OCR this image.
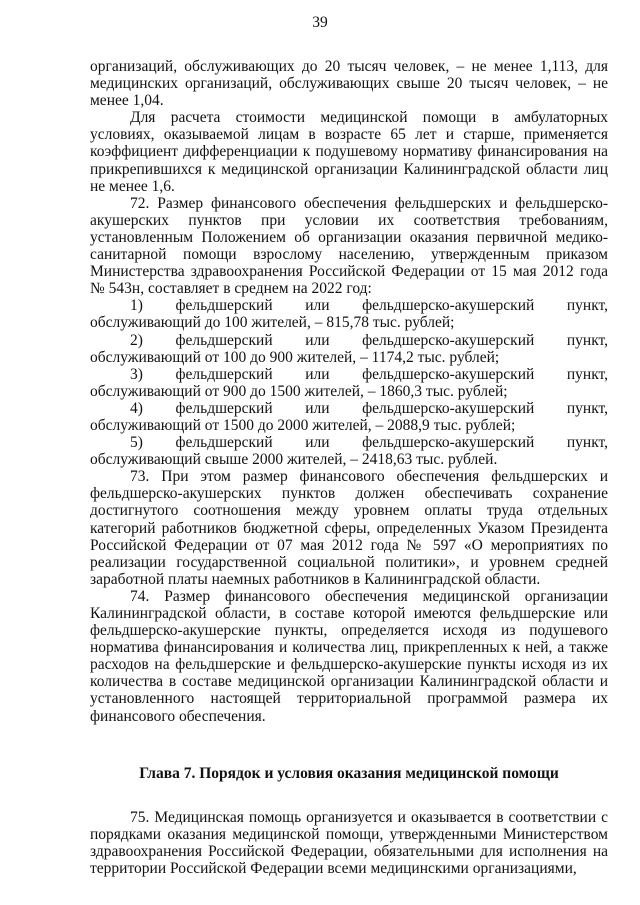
39

организаций, обслуживающих до 20 тысяч человек, – не менее 1,113, для медицинских организаций, обслуживающих свыше 20 тысяч человек, – не менее 1,04.

Для расчета стоимости медицинской помощи в амбулаторных условиях, оказываемой лицам в возрасте 65 лет и старше, применяется коэффициент дифференциации к подушевому нормативу финансирования на прикрепившихся к медицинской организации Калининградской области лиц не менее 1,6.

72. Размер финансового обеспечения фельдшерских и фельдшерско-акушерских пунктов при условии их соответствия требованиям, установленным Положением об организации оказания первичной медико-санитарной помощи взрослому населению, утвержденным приказом Министерства здравоохранения Российской Федерации от 15 мая 2012 года № 543н, составляет в среднем на 2022 год:

1) фельдшерский или фельдшерско-акушерский пункт, обслуживающий до 100 жителей, – 815,78 тыс. рублей;

2) фельдшерский или фельдшерско-акушерский пункт, обслуживающий от 100 до 900 жителей, – 1174,2 тыс. рублей;

3) фельдшерский или фельдшерско-акушерский пункт, обслуживающий от 900 до 1500 жителей, – 1860,3 тыс. рублей;

4) фельдшерский или фельдшерско-акушерский пункт, обслуживающий от 1500 до 2000 жителей, – 2088,9 тыс. рублей;

5) фельдшерский или фельдшерско-акушерский пункт, обслуживающий свыше 2000 жителей, – 2418,63 тыс. рублей.

73. При этом размер финансового обеспечения фельдшерских и фельдшерско-акушерских пунктов должен обеспечивать сохранение достигнутого соотношения между уровнем оплаты труда отдельных категорий работников бюджетной сферы, определенных Указом Президента Российской Федерации от 07 мая 2012 года № 597 «О мероприятиях по реализации государственной социальной политики», и уровнем средней заработной платы наемных работников в Калининградской области.

74. Размер финансового обеспечения медицинской организации Калининградской области, в составе которой имеются фельдшерские или фельдшерско-акушерские пункты, определяется исходя из подушевого норматива финансирования и количества лиц, прикрепленных к ней, а также расходов на фельдшерские и фельдшерско-акушерские пункты исходя из их количества в составе медицинской организации Калининградской области и установленного настоящей территориальной программой размера их финансового обеспечения.

Глава 7. Порядок и условия оказания медицинской помощи

75. Медицинская помощь организуется и оказывается в соответствии с порядками оказания медицинской помощи, утвержденными Министерством здравоохранения Российской Федерации, обязательными для исполнения на территории Российской Федерации всеми медицинскими организациями,
